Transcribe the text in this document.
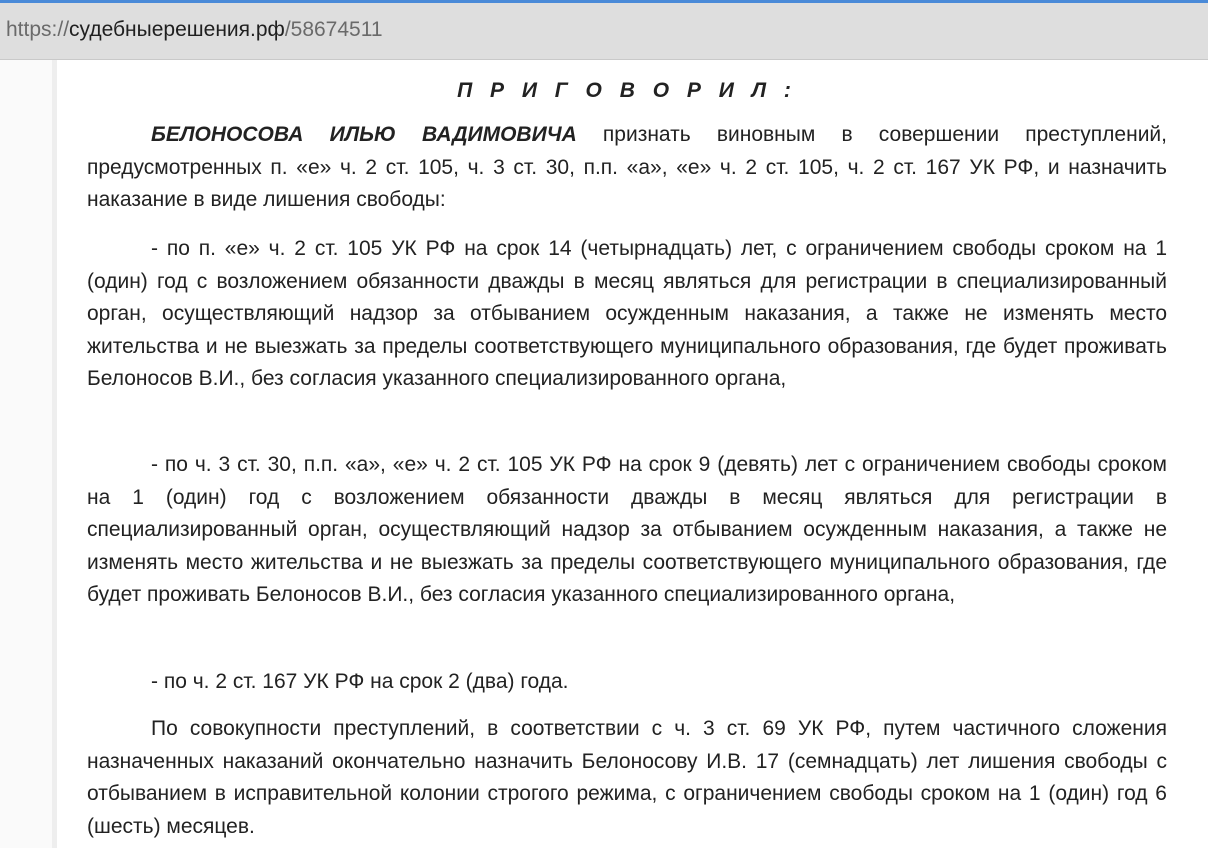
https://судебныерешения.рф/58674511
П Р И Г О В О Р И Л :

БЕЛОНОСОВА ИЛЬЮ ВАДИМОВИЧА признать виновным в совершении преступлений, предусмотренных п. «е» ч. 2 ст. 105, ч. 3 ст. 30, п.п. «а», «е» ч. 2 ст. 105, ч. 2 ст. 167 УК РФ, и назначить наказание в виде лишения свободы:

- по п. «е» ч. 2 ст. 105 УК РФ на срок 14 (четырнадцать) лет, с ограничением свободы сроком на 1 (один) год с возложением обязанности дважды в месяц являться для регистрации в специализированный орган, осуществляющий надзор за отбыванием осужденным наказания, а также не изменять место жительства и не выезжать за пределы соответствующего муниципального образования, где будет проживать Белоносов В.И., без согласия указанного специализированного органа,

- по ч. 3 ст. 30, п.п. «а», «е» ч. 2 ст. 105 УК РФ на срок 9 (девять) лет с ограничением свободы сроком на 1 (один) год с возложением обязанности дважды в месяц являться для регистрации в специализированный орган, осуществляющий надзор за отбыванием осужденным наказания, а также не изменять место жительства и не выезжать за пределы соответствующего муниципального образования, где будет проживать Белоносов В.И., без согласия указанного специализированного органа,

- по ч. 2 ст. 167 УК РФ на срок 2 (два) года.

По совокупности преступлений, в соответствии с ч. 3 ст. 69 УК РФ, путем частичного сложения назначенных наказаний окончательно назначить Белоносову И.В. 17 (семнадцать) лет лишения свободы с отбыванием в исправительной колонии строгого режима, с ограничением свободы сроком на 1 (один) год 6 (шесть) месяцев.
